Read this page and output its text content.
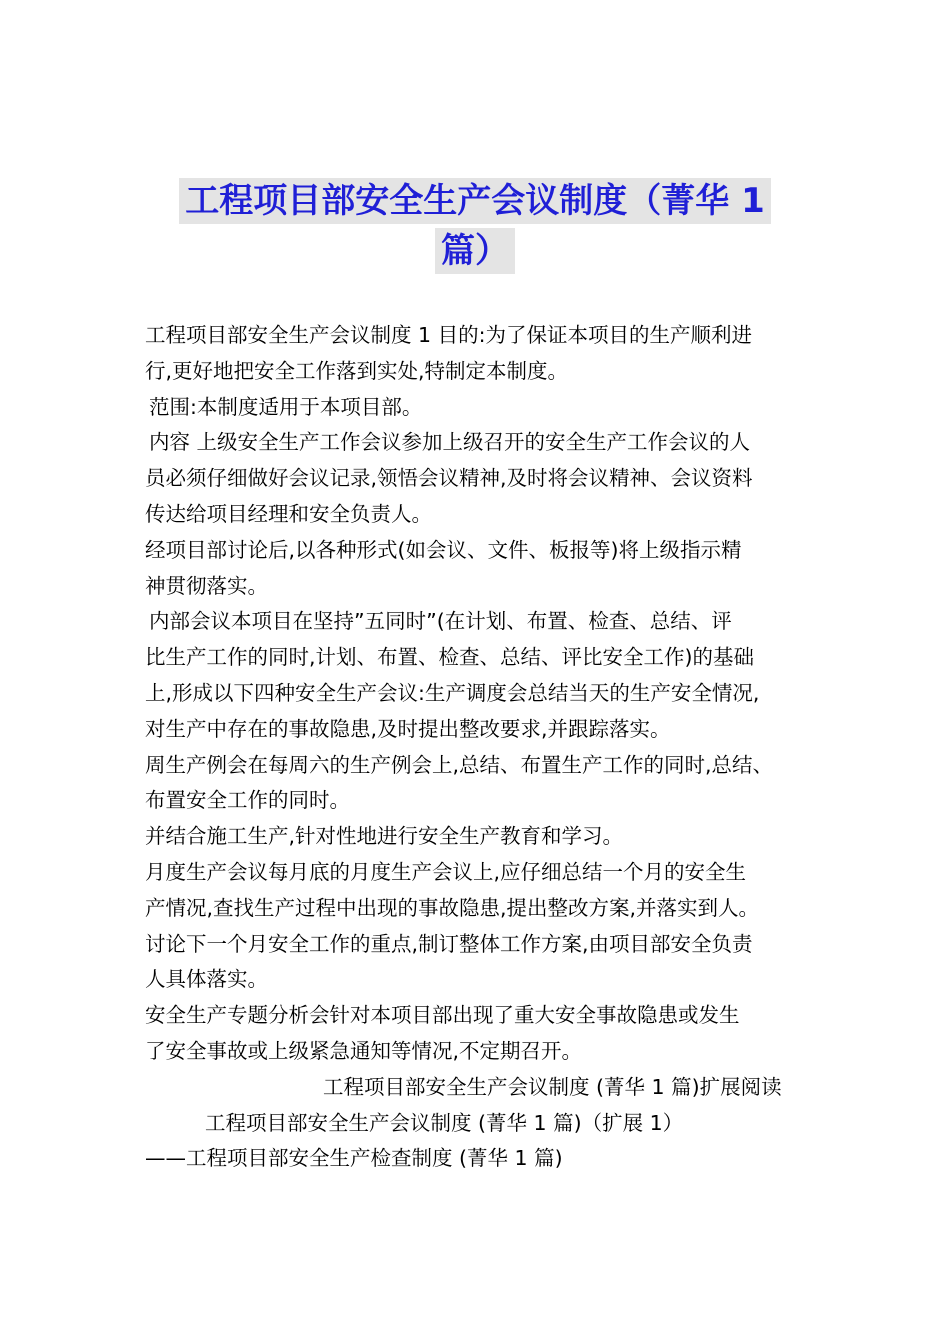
工程项目部安全生产会议制度（菁华 1
篇）

工程项目部安全生产会议制度 1 目的:为了保证本项目的生产顺利进

行,更好地把安全工作落到实处,特制定本制度。

范围:本制度适用于本项目部。

内容 上级安全生产工作会议参加上级召开的安全生产工作会议的人

员必须仔细做好会议记录,领悟会议精神,及时将会议精神、会议资料

传达给项目经理和安全负责人。

经项目部讨论后,以各种形式(如会议、文件、板报等)将上级指示精

神贯彻落实。

内部会议本项目在坚持”五同时”(在计划、布置、检查、总结、评

比生产工作的同时,计划、布置、检查、总结、评比安全工作)的基础

上,形成以下四种安全生产会议:生产调度会总结当天的生产安全情况,

对生产中存在的事故隐患,及时提出整改要求,并跟踪落实。

周生产例会在每周六的生产例会上,总结、布置生产工作的同时,总结、

布置安全工作的同时。

并结合施工生产,针对性地进行安全生产教育和学习。

月度生产会议每月底的月度生产会议上,应仔细总结一个月的安全生

产情况,查找生产过程中出现的事故隐患,提出整改方案,并落实到人。

讨论下一个月安全工作的重点,制订整体工作方案,由项目部安全负责

人具体落实。

安全生产专题分析会针对本项目部出现了重大安全事故隐患或发生

了安全事故或上级紧急通知等情况,不定期召开。

工程项目部安全生产会议制度 (菁华 1 篇)扩展阅读

工程项目部安全生产会议制度 (菁华 1 篇)（扩展 1）

——工程项目部安全生产检查制度 (菁华 1 篇)
